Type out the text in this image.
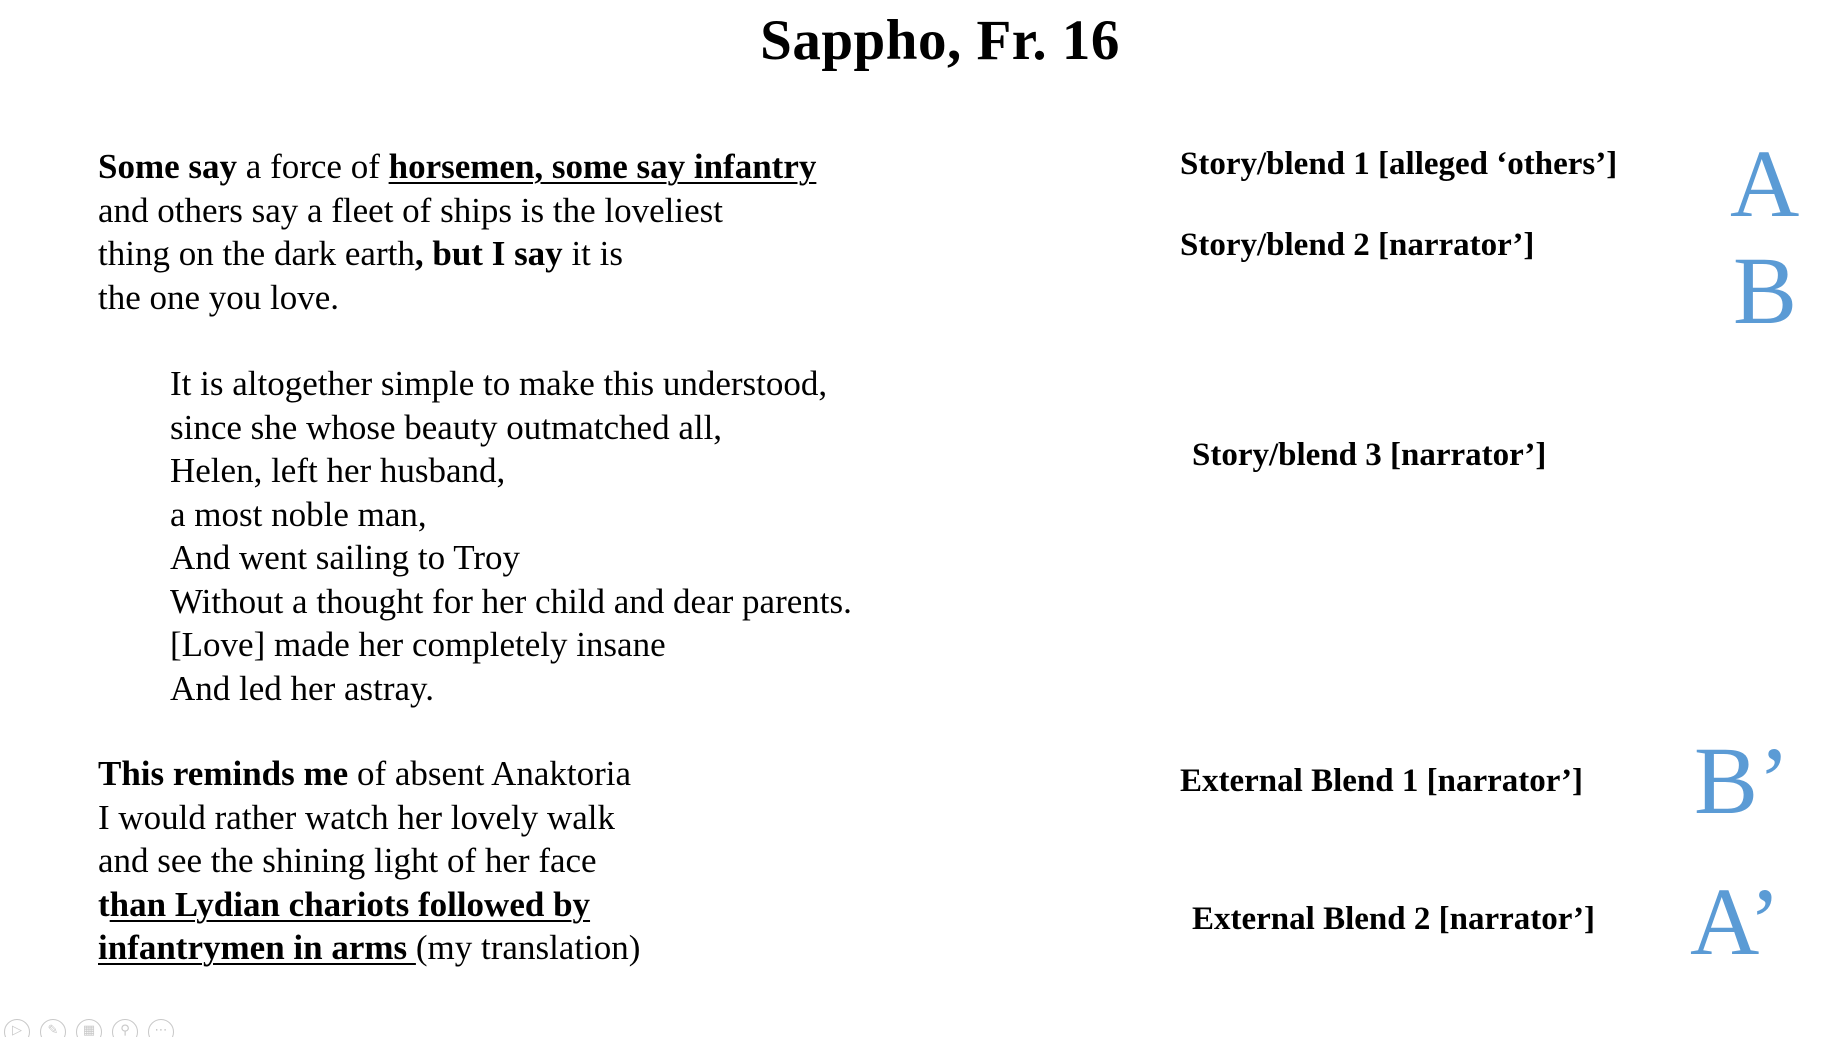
Sappho, Fr. 16
Some say a force of horsemen, some say infantry
and others say a fleet of ships is the loveliest
thing on the dark earth, but I say it is
the one you love.
It is altogether simple to make this understood,
since she whose beauty outmatched all,
Helen, left her husband,
a most noble man,
And went sailing to Troy
Without a thought for her child and dear parents.
[Love] made her completely insane
And led her astray.
This reminds me of absent Anaktoria
I would rather watch her lovely walk
and see the shining light of her face
than Lydian chariots followed by
infantrymen in arms (my translation)
Story/blend 1 [alleged ‘others’]
Story/blend 2 [narrator’]
Story/blend 3 [narrator’]
External Blend 1 [narrator’]
External Blend 2 [narrator’]
A
B
B’
A’
▷	✎	▦	⚲	⋯
